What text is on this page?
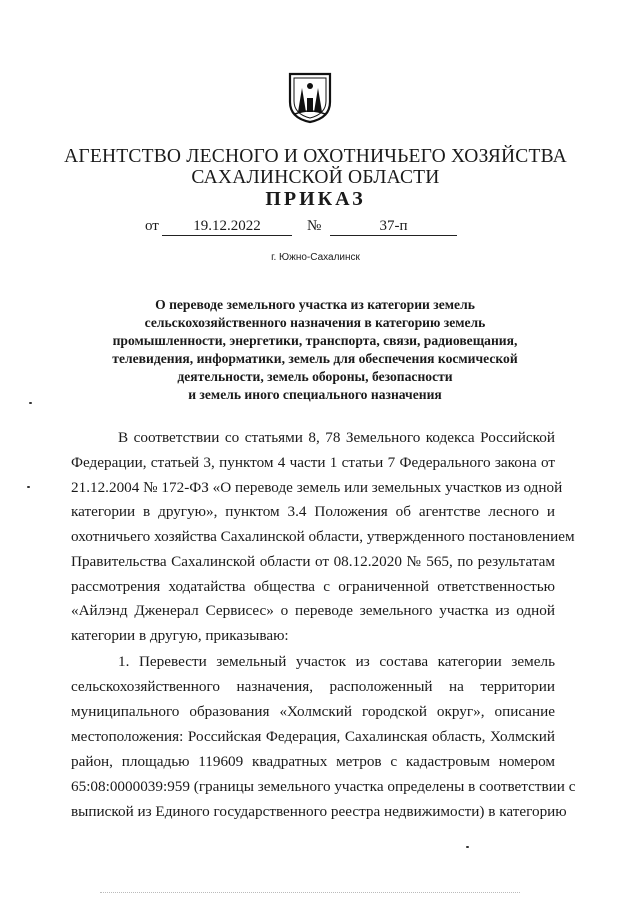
АГЕНТСТВО ЛЕСНОГО И ОХОТНИЧЬЕГО ХОЗЯЙСТВА
САХАЛИНСКОЙ ОБЛАСТИ
ПРИКАЗ
от	19.12.2022	№	37-п
г. Южно-Сахалинск
О переводе земельного участка из категории земель
сельскохозяйственного назначения в категорию земель
промышленности, энергетики, транспорта, связи, радиовещания,
телевидения, информатики, земель для обеспечения космической
деятельности, земель обороны, безопасности
и земель иного специального назначения
В соответствии со статьями 8, 78 Земельного кодекса Российской
Федерации, статьей 3, пунктом 4 части 1 статьи 7 Федерального закона от
21.12.2004 № 172-ФЗ «О переводе земель или земельных участков из одной
категории в другую», пунктом 3.4 Положения об агентстве лесного и
охотничьего хозяйства Сахалинской области, утвержденного постановлением
Правительства Сахалинской области от 08.12.2020 № 565, по результатам
рассмотрения ходатайства общества с ограниченной ответственностью
«Айлэнд Дженерал Сервисес» о переводе земельного участка из одной
категории в другую, приказываю:
1. Перевести земельный участок из состава категории земель
сельскохозяйственного назначения, расположенный на территории
муниципального образования «Холмский городской округ», описание
местоположения: Российская Федерация, Сахалинская область, Холмский
район, площадью 119609 квадратных метров с кадастровым номером
65:08:0000039:959 (границы земельного участка определены в соответствии с
выпиской из Единого государственного реестра недвижимости) в категорию
